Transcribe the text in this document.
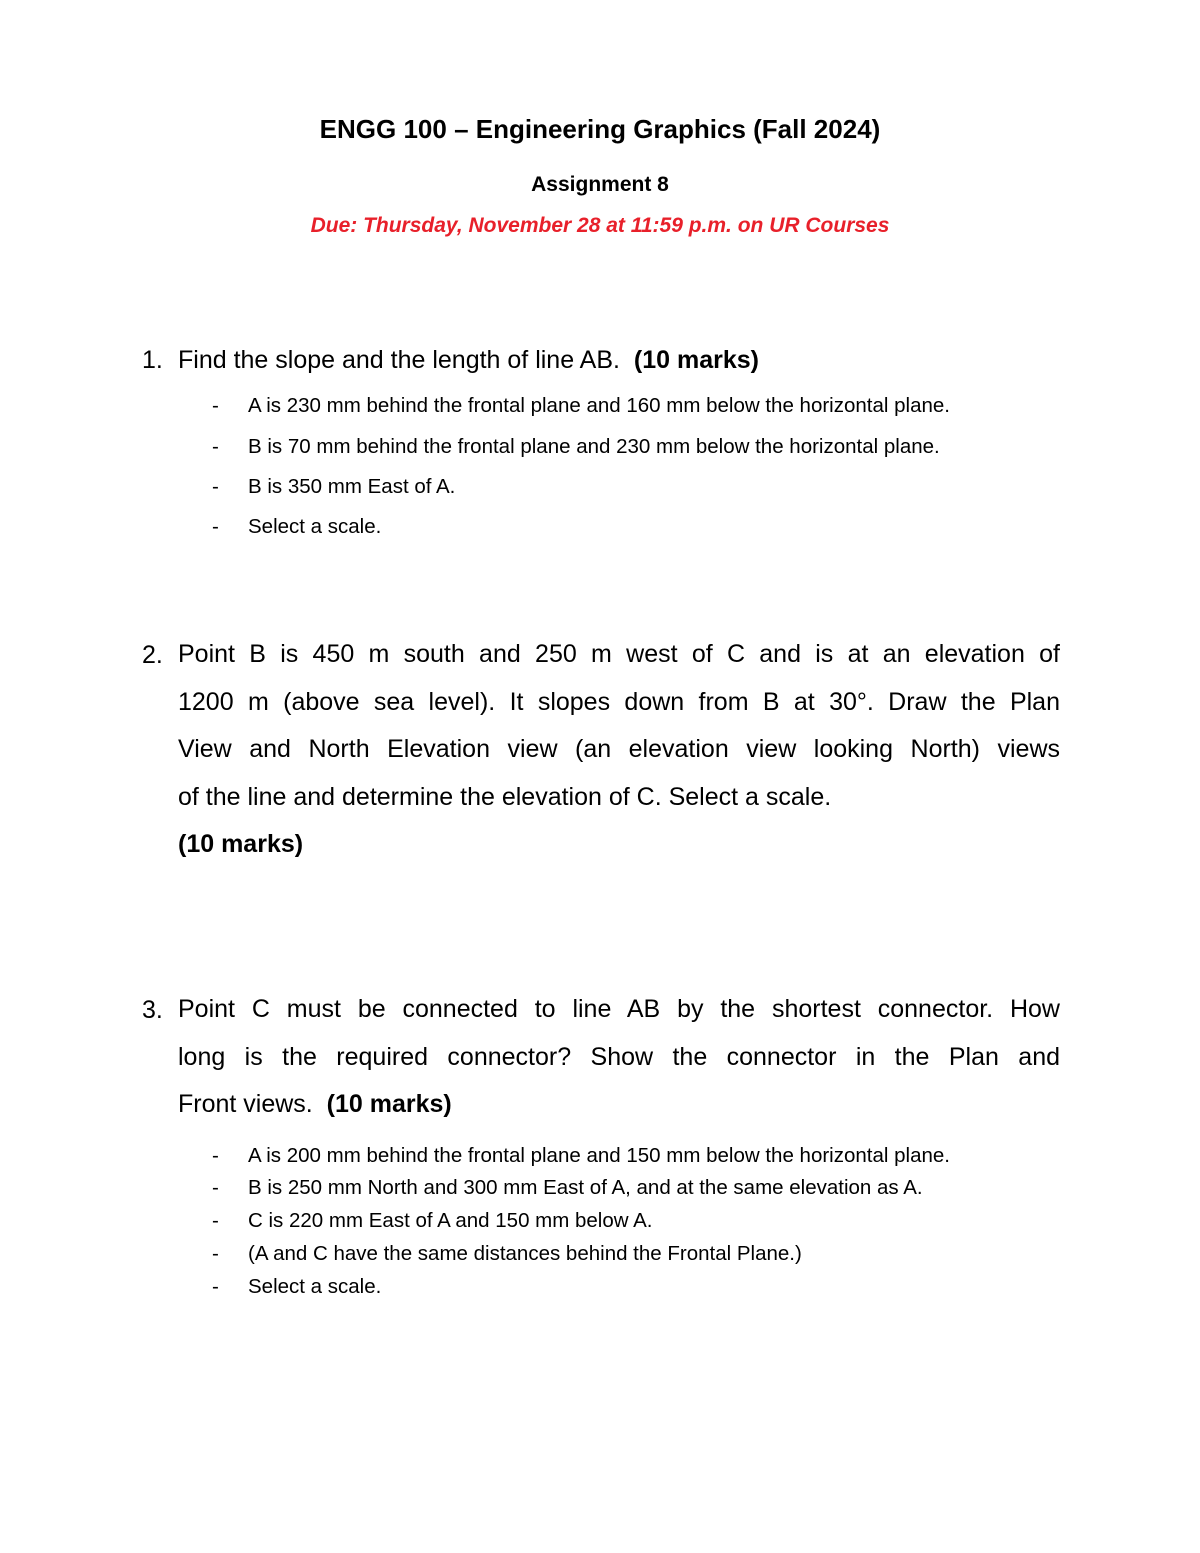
ENGG 100 – Engineering Graphics (Fall 2024)
Assignment 8
Due: Thursday, November 28 at 11:59 p.m. on UR Courses
1. Find the slope and the length of line AB. (10 marks)
- A is 230 mm behind the frontal plane and 160 mm below the horizontal plane.
- B is 70 mm behind the frontal plane and 230 mm below the horizontal plane.
- B is 350 mm East of A.
- Select a scale.
2. Point B is 450 m south and 250 m west of C and is at an elevation of
1200 m (above sea level). It slopes down from B at 30°. Draw the Plan
View and North Elevation view (an elevation view looking North) views
of the line and determine the elevation of C. Select a scale.
(10 marks)
3. Point C must be connected to line AB by the shortest connector. How
long is the required connector? Show the connector in the Plan and
Front views. (10 marks)
- A is 200 mm behind the frontal plane and 150 mm below the horizontal plane.
- B is 250 mm North and 300 mm East of A, and at the same elevation as A.
- C is 220 mm East of A and 150 mm below A.
- (A and C have the same distances behind the Frontal Plane.)
- Select a scale.
